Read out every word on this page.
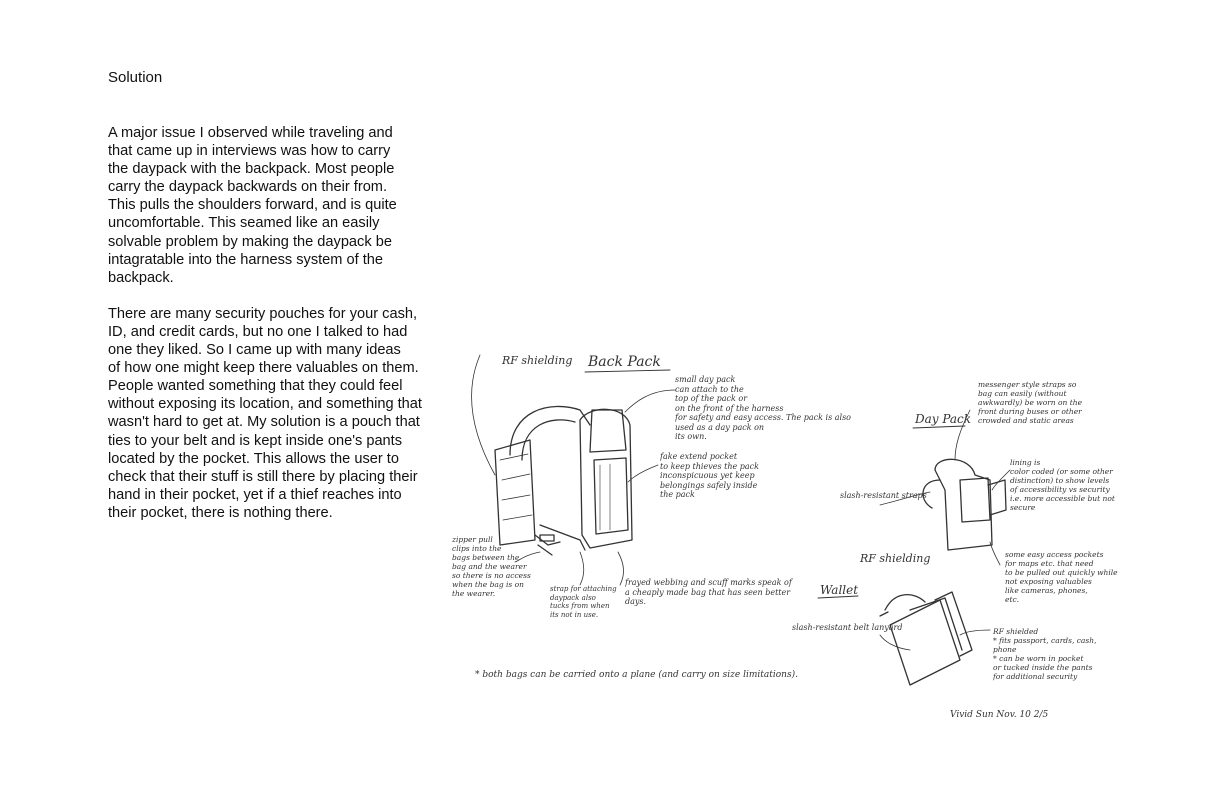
Solution

A major issue I observed while traveling and
that came up in interviews was how to carry
the daypack with the backpack. Most people
carry the daypack backwards on their from.
This pulls the shoulders forward, and is quite
uncomfortable. This seamed like an easily
solvable problem by making the daypack be
intagratable into the harness system of the
backpack.

There are many security pouches for your cash,
ID, and credit cards, but no one I talked to had
one they liked. So I came up with many ideas
of how one might keep there valuables on them.
People wanted something that they could feel
without exposing its location, and something that
wasn't hard to get at. My solution is a pouch that
ties to your belt and is kept inside one's pants
located by the pocket. This allows the user to
check that their stuff is still there by placing their
hand in their pocket, yet if a thief reaches into
their pocket, there is nothing there.

RF shielding Back Pack
Day Pack
Wallet
RF shielding
slash-resistant straps
slash-resistant belt lanyard
* both bags can be carried onto a plane (and carry on size limitations).
Vivid Sun Nov. 10 2/5
small day pack
can attach to the
top of the pack or
on the front of the harness
for safety and easy access. The pack is also
used as a day pack on
its own.
fake extend pocket
to keep thieves the pack
inconspicuous yet keep
belongings safely inside
the pack
zipper pull
clips into the
bags between the
bag and the wearer
so there is no access
when the bag is on
the wearer.	strap for attaching
daypack also
tucks from when
its not in use.
frayed webbing and scuff marks speak of
a cheaply made bag that has seen better
days.
messenger style straps so
bag can easily (without
awkwardly) be worn on the
front during buses or other
crowded and static areas
lining is
color coded (or some other
distinction) to show levels
of accessibility vs security
i.e. more accessible but not
secure
some easy access pockets
for maps etc. that need
to be pulled out quickly while
not exposing valuables
like cameras, phones,
etc.
RF shielded
* fits passport, cards, cash,
phone
* can be worn in pocket
or tucked inside the pants
for additional security
